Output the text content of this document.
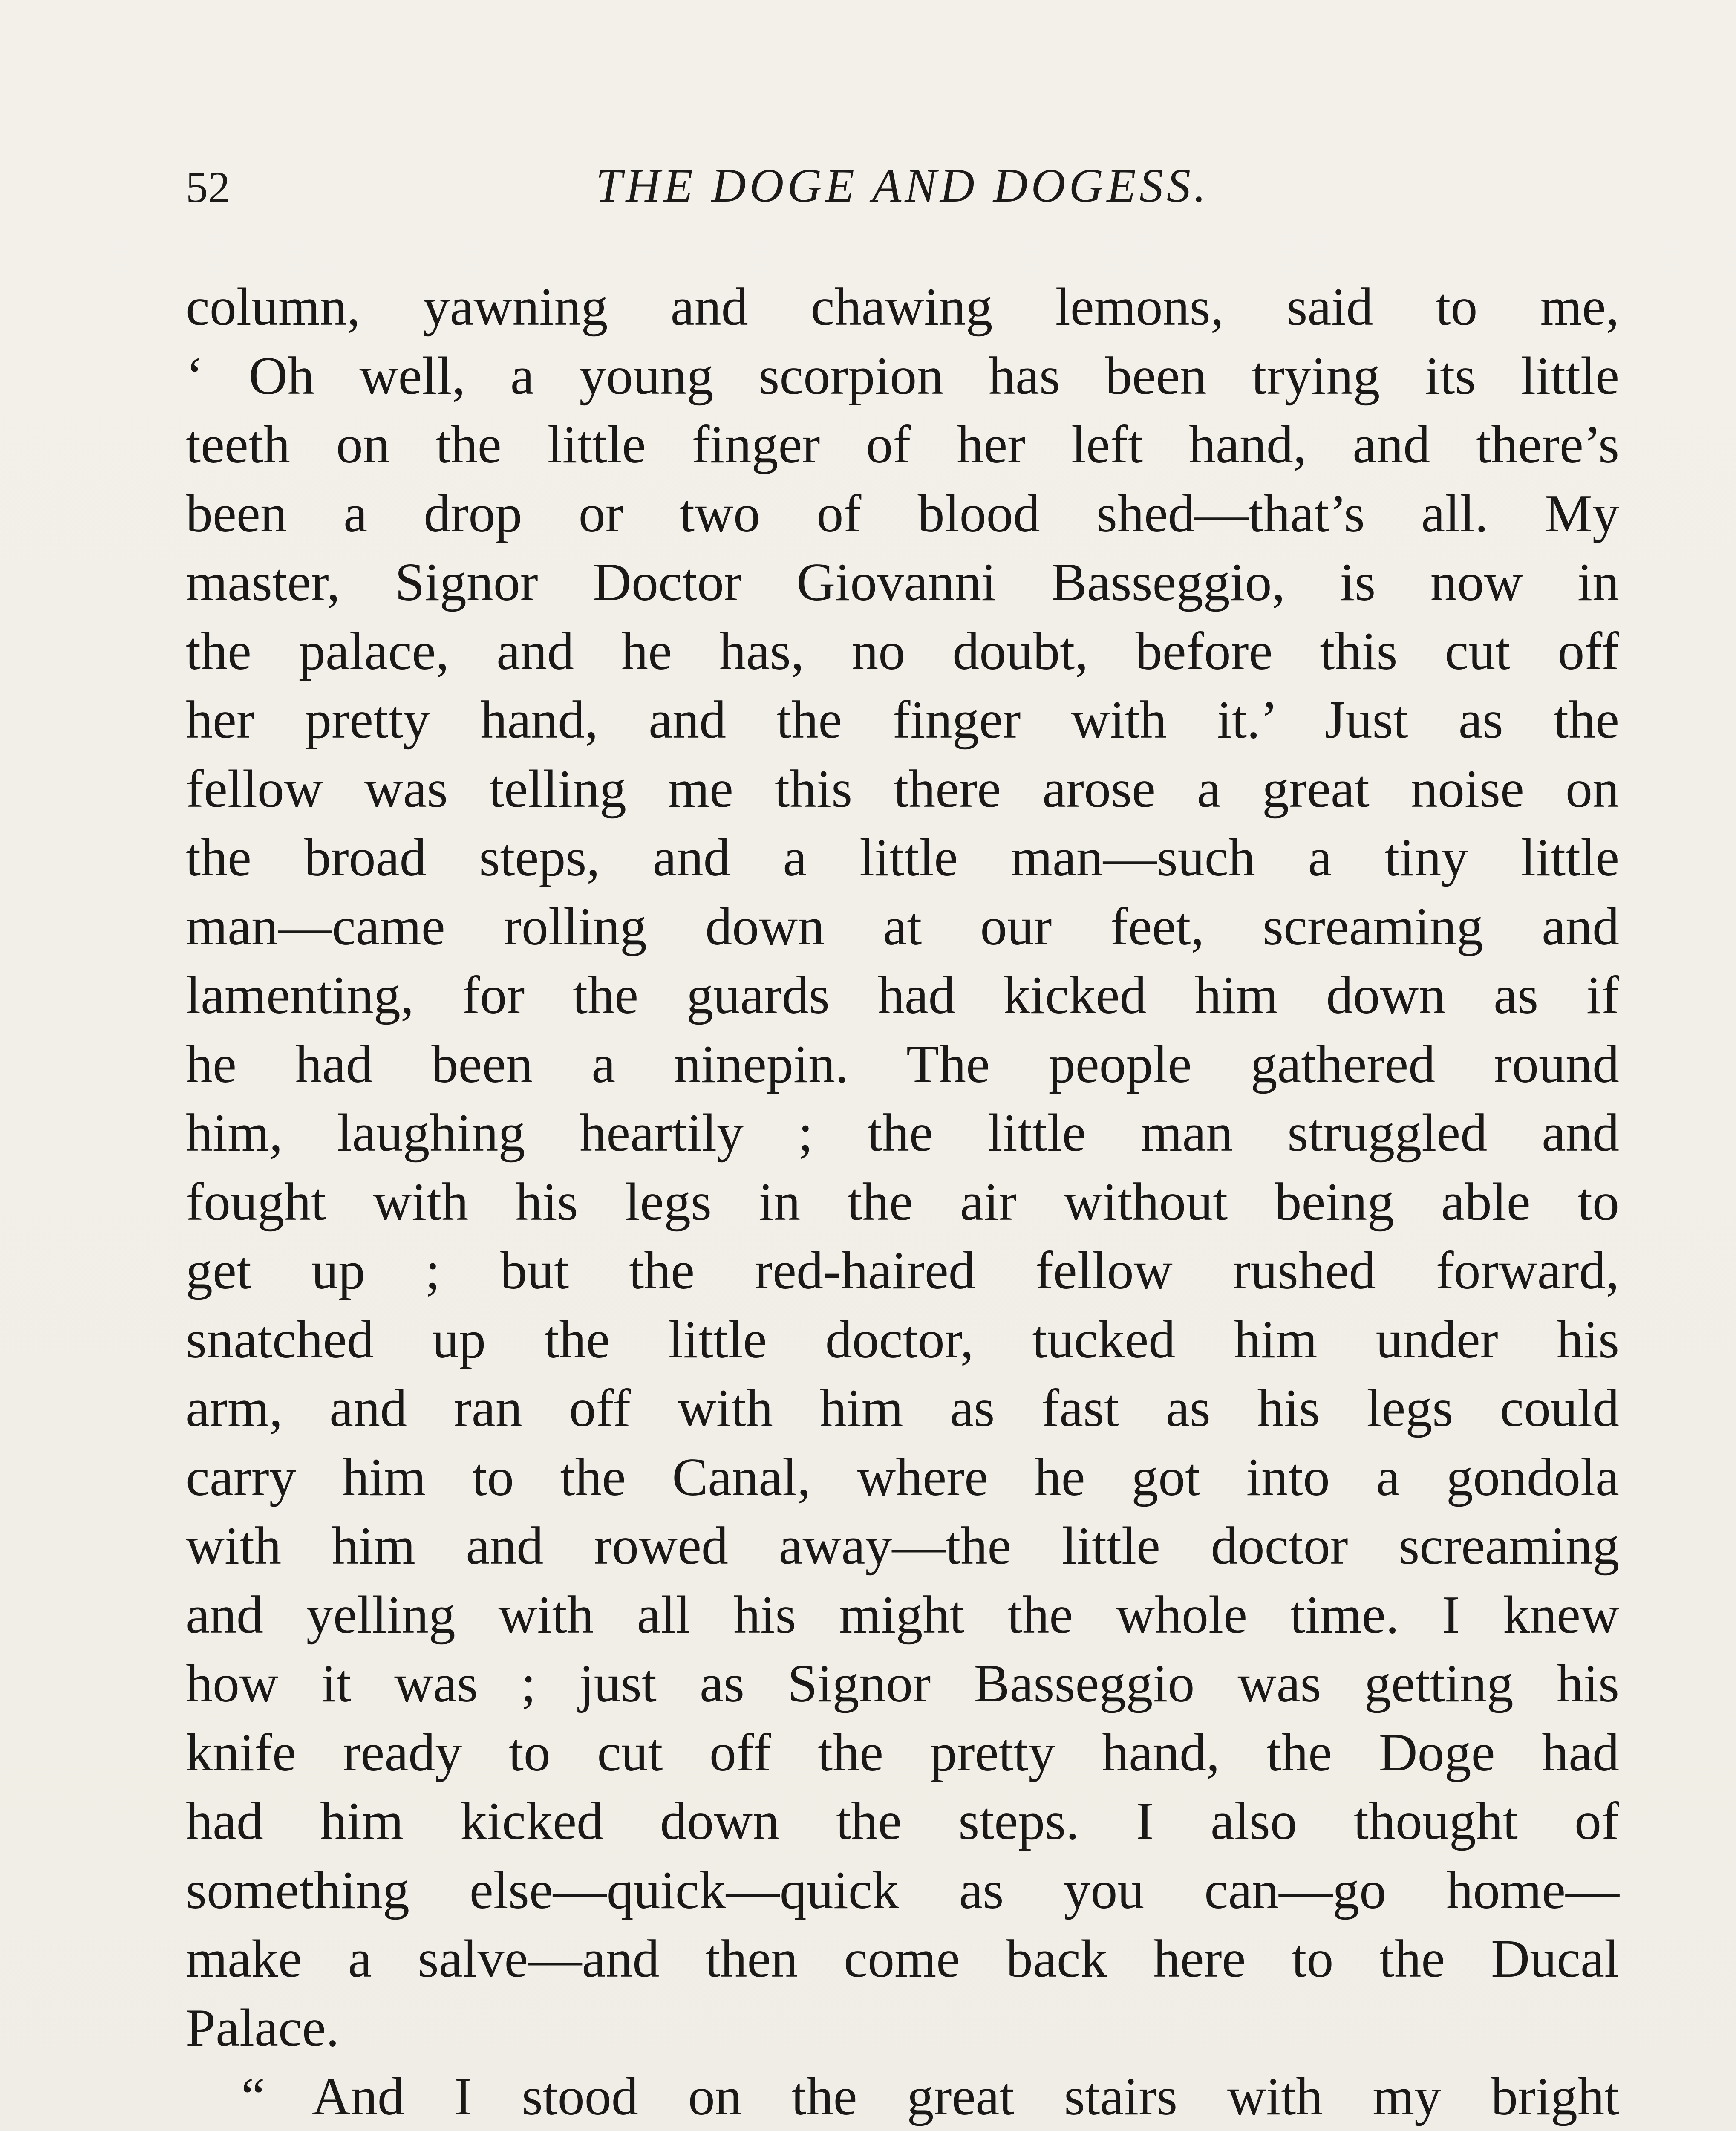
52	THE DOGE AND DOGESS.
column, yawning and chawing lemons, said to me,
‘ Oh well, a young scorpion has been trying its little
teeth on the little finger of her left hand, and there’s
been a drop or two of blood shed—that’s all. My
master, Signor Doctor Giovanni Basseggio, is now in
the palace, and he has, no doubt, before this cut off
her pretty hand, and the finger with it.’ Just as the
fellow was telling me this there arose a great noise on
the broad steps, and a little man—such a tiny little
man—came rolling down at our feet, screaming and
lamenting, for the guards had kicked him down as if
he had been a ninepin. The people gathered round
him, laughing heartily ; the little man struggled and
fought with his legs in the air without being able to
get up ; but the red-haired fellow rushed forward,
snatched up the little doctor, tucked him under his
arm, and ran off with him as fast as his legs could
carry him to the Canal, where he got into a gondola
with him and rowed away—the little doctor screaming
and yelling with all his might the whole time. I knew
how it was ; just as Signor Basseggio was getting his
knife ready to cut off the pretty hand, the Doge had
had him kicked down the steps. I also thought of
something else—quick—quick as you can—go home—
make a salve—and then come back here to the Ducal
Palace.
“ And I stood on the great stairs with my bright
